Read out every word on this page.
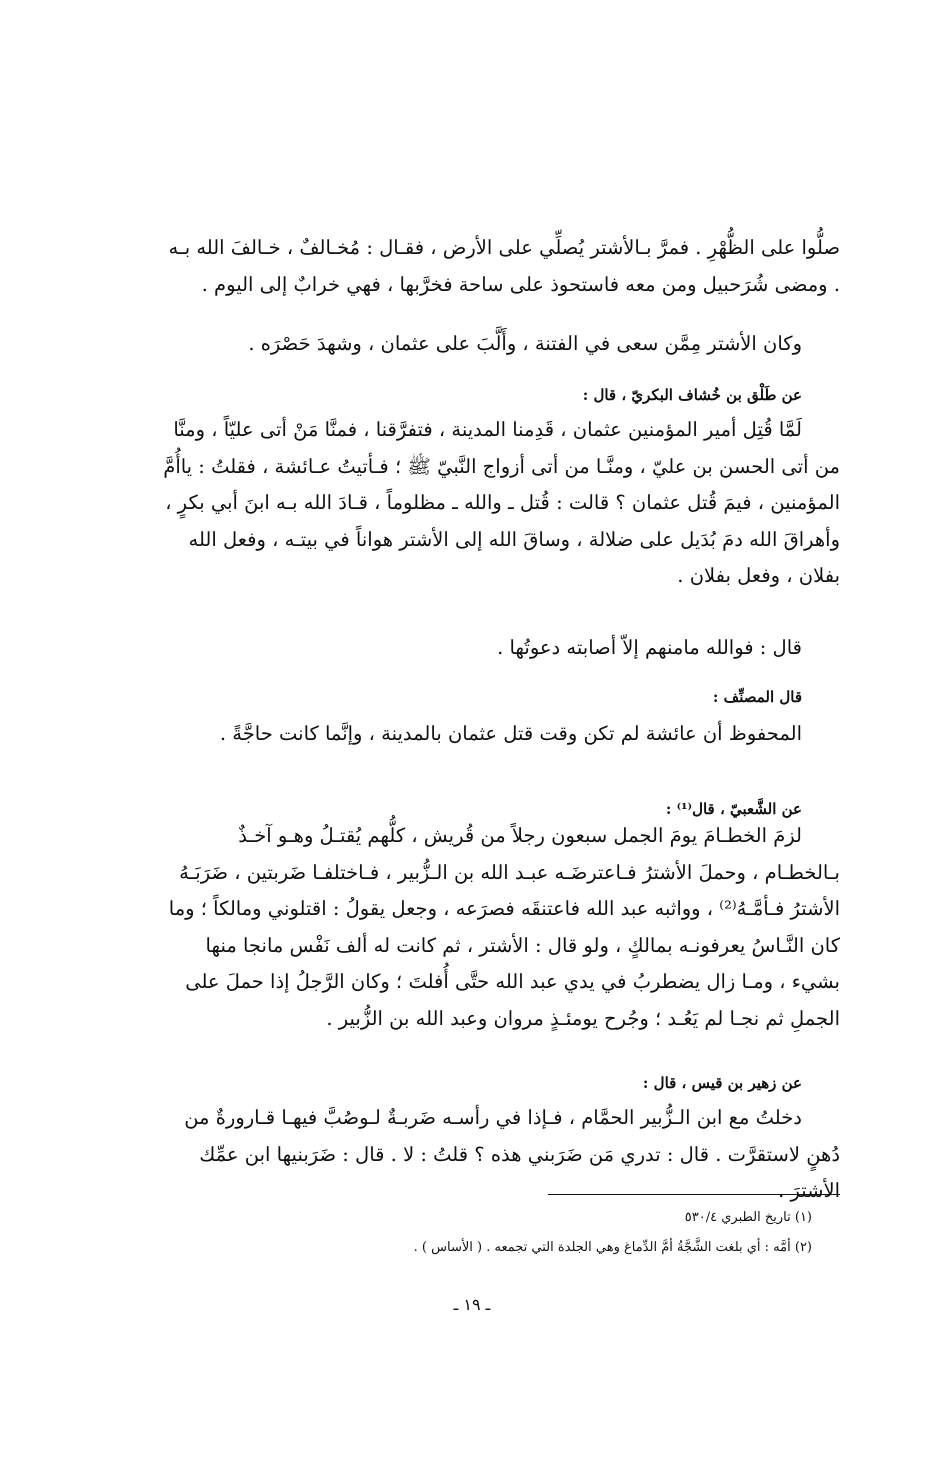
صلُّوا على الظُّهْرِ . فمرَّ بـالأشتر يُصلِّي على الأرض ، فقـال : مُخـالفٌ ، خـالفَ الله بـه . ومضى شُرَحبيل ومن معه فاستحوذ على ساحة فخرَّبها ، فهي خرابٌ إلى اليوم .

وكان الأشتر مِمَّن سعى في الفتنة ، وأَلَّبَ على عثمان ، وشهدَ حَصْرَه .

عن طَلْق بن خُشاف البكريّ ، قال :

لَمَّا قُتِل أمير المؤمنين عثمان ، قَدِمنا المدينة ، فتفرَّقنا ، فمنَّا مَنْ أتى عليّاً ، ومنَّا من أتى الحسن بن عليّ ، ومنَّـا من أتى أزواج النَّبيّ ﷺ ؛ فـأتيتُ عـائشة ، فقلتُ : ياأُمَّ المؤمنين ، فيمَ قُتل عثمان ؟ قالت : قُتل ـ والله ـ مظلوماً ، قـادَ الله بـه ابنَ أبي بكرٍ ، وأهراقَ الله دمَ بُدَيل على ضلالة ، وساقَ الله إلى الأشتر هواناً في بيتـه ، وفعل الله بفلان ، وفعل بفلان .

قال : فوالله مامنهم إلاّ أصابته دعوتُها .

قال المصنِّف :

المحفوظ أن عائشة لم تكن وقت قتل عثمان بالمدينة ، وإنَّما كانت حاجَّةً .

عن الشَّعبيّ ، قال⁽¹⁾ :

لزمَ الخطـامَ يومَ الجمل سبعون رجلاً من قُريش ، كلُّهم يُقتـلُ وهـو آخـذٌ بـالخطـام ، وحملَ الأشترُ فـاعترضَـه عبـد الله بن الـزُّبير ، فـاختلفـا ضَربتين ، ضَرَبَـهُ الأشترُ فـأمَّـهُ⁽²⁾ ، وواثبه عبد الله فاعتنقَه فصرَعه ، وجعل يقولُ : اقتلوني ومالكاً ؛ وما كان النَّـاسُ يعرفونـه بمالكٍ ، ولو قال : الأشتر ، ثم كانت له ألف نَفْس مانجا منها بشيء ، ومـا زال يضطربُ في يدي عبد الله حتَّى أُفلتَ ؛ وكان الرَّجلُ إذا حملَ على الجملِ ثم نجـا لم يَعُـد ؛ وجُرح يومئـذٍ مروان وعبد الله بن الزُّبير .

عن زهير بن قيس ، قال :

دخلتُ مع ابن الـزُّبير الحمَّام ، فـإذا في رأسـه ضَربـةٌ لـوصُبَّ فيهـا قـارورةٌ من دُهنٍ لاستقرَّت . قال : تدري مَن ضَرَبني هذه ؟ قلتُ : لا . قال : ضَرَبنيها ابن عمِّك الأشترَ .

(١) تاريخ الطبري ٥٣٠/٤
(٢) أمَّه : أي بلغت الشَّجَّةُ أمَّ الدِّماغ وهي الجلدة التي تجمعه . ( الأساس ) .
ـ ١٩ ـ
